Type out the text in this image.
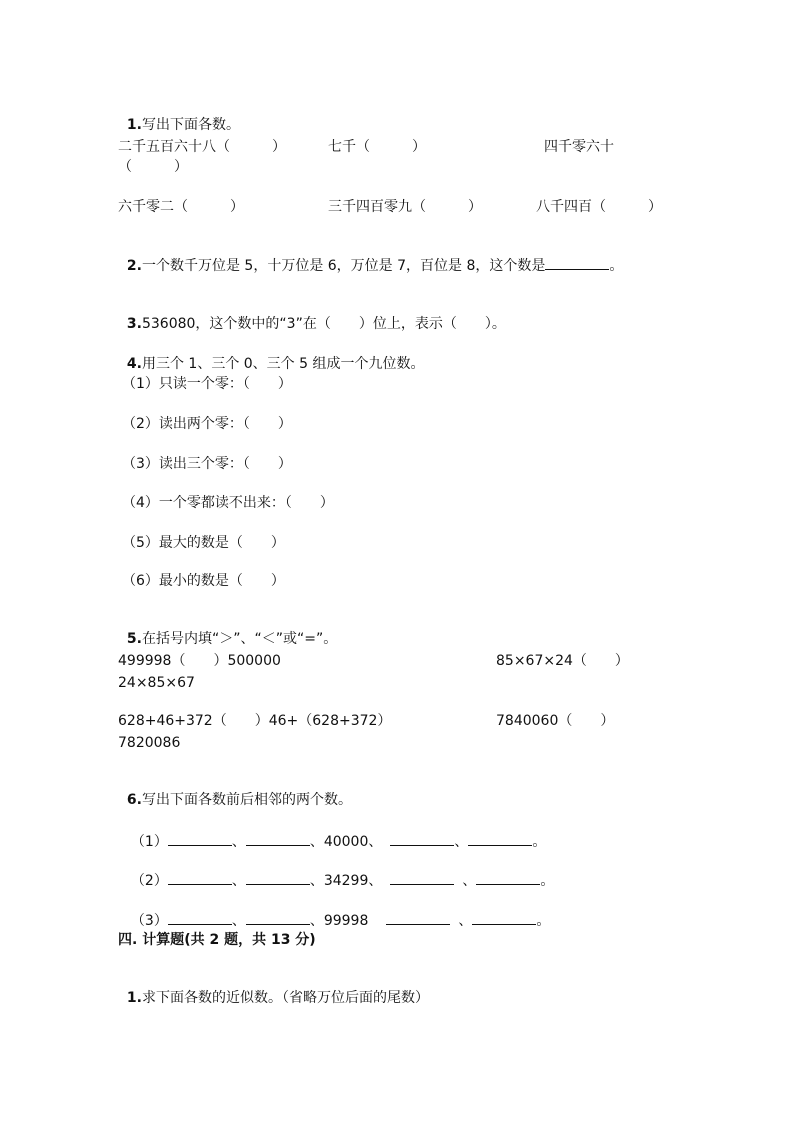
1.写出下面各数。

二千五百六十八（　　　）	七千（　　　）	四千零六十
（　　　）
六千零二（　　　）	三千四百零九（　　　）	八千四百（　　　）

2.一个数千万位是 5，十万位是 6，万位是 7，百位是 8，这个数是	。

3.536080，这个数中的“3”在（　　）位上，表示（　　）。

4.用三个 1、三个 0、三个 5 组成一个九位数。

（1）只读一个零：（　　）
（2）读出两个零：（　　）
（3）读出三个零：（　　）
（4）一个零都读不出来：（　　）
（5）最大的数是（　　）
（6）最小的数是（　　）

5.在括号内填“＞”、“＜”或“=”。

499998（　　）500000	85×67×24（　　）
24×85×67
628+46+372（　　）46+（628+372）	7840060（　　）
7820086

6.写出下面各数前后相邻的两个数。

（1）	、	、40000、	、	。

（2）	、	、34299、	、	。

（3）	、	、99998	、	。

四. 计算题(共 2 题，共 13 分)

1.求下面各数的近似数。（省略万位后面的尾数）
